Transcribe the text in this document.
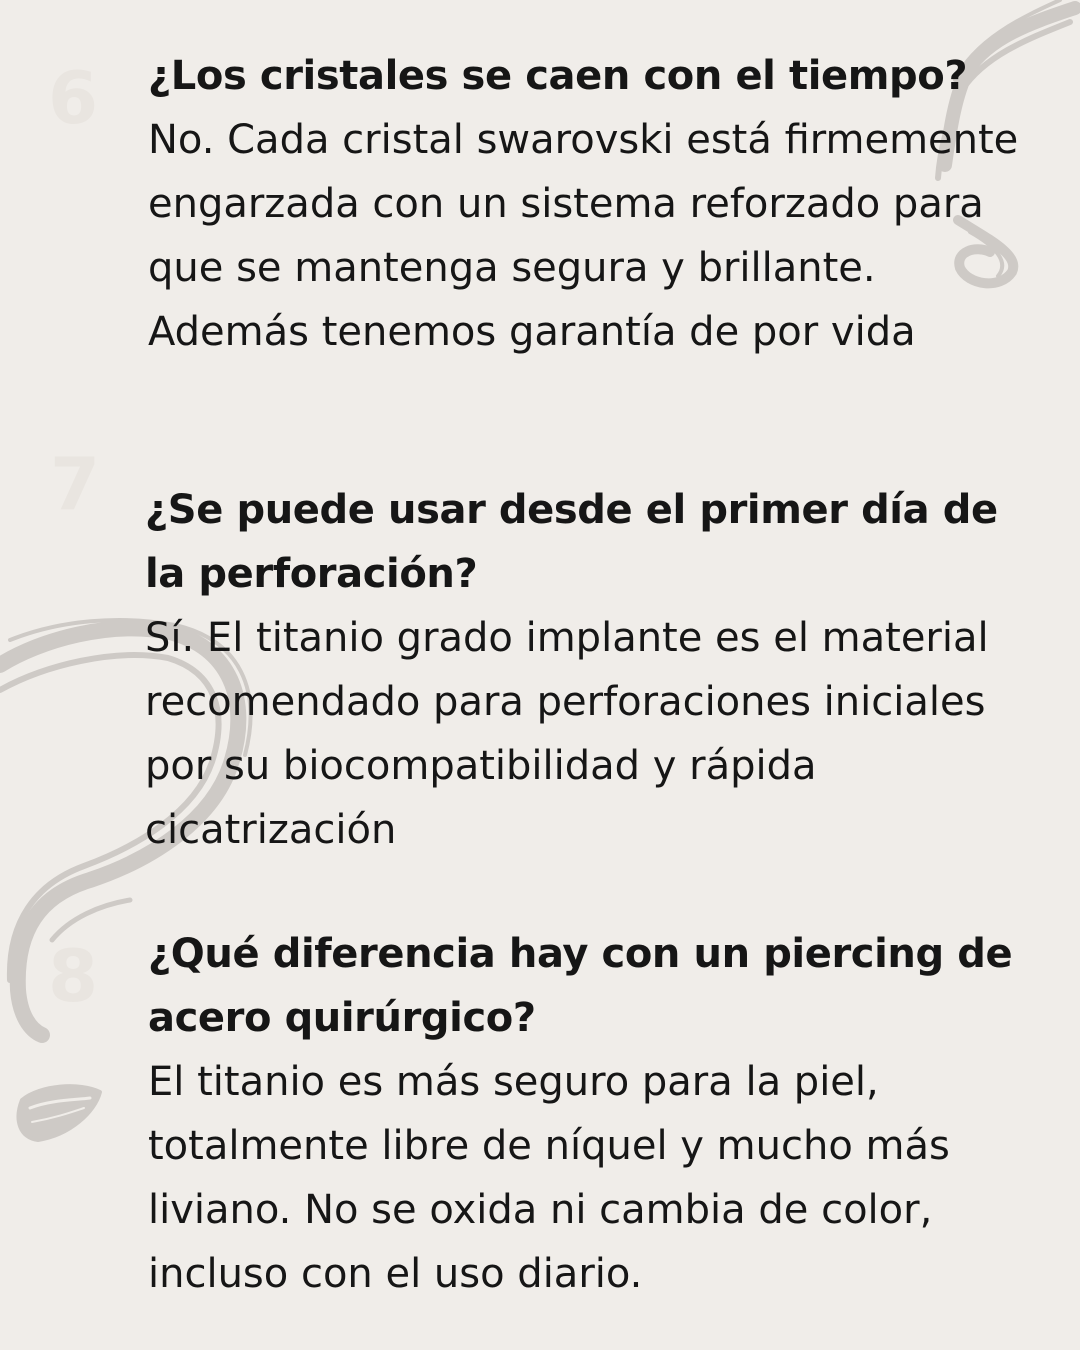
6
7
8

¿Los cristales se caen con el tiempo?

No. Cada cristal swarovski está firmemente engarzada con un sistema reforzado para que se mantenga segura y brillante. Además tenemos garantía de por vida

¿Se puede usar desde el primer día de la perforación?

Sí. El titanio grado implante es el material recomendado para perforaciones iniciales por su biocompatibilidad y rápida cicatrización

¿Qué diferencia hay con un piercing de acero quirúrgico?

El titanio es más seguro para la piel, totalmente libre de níquel y mucho más liviano. No se oxida ni cambia de color, incluso con el uso diario.
